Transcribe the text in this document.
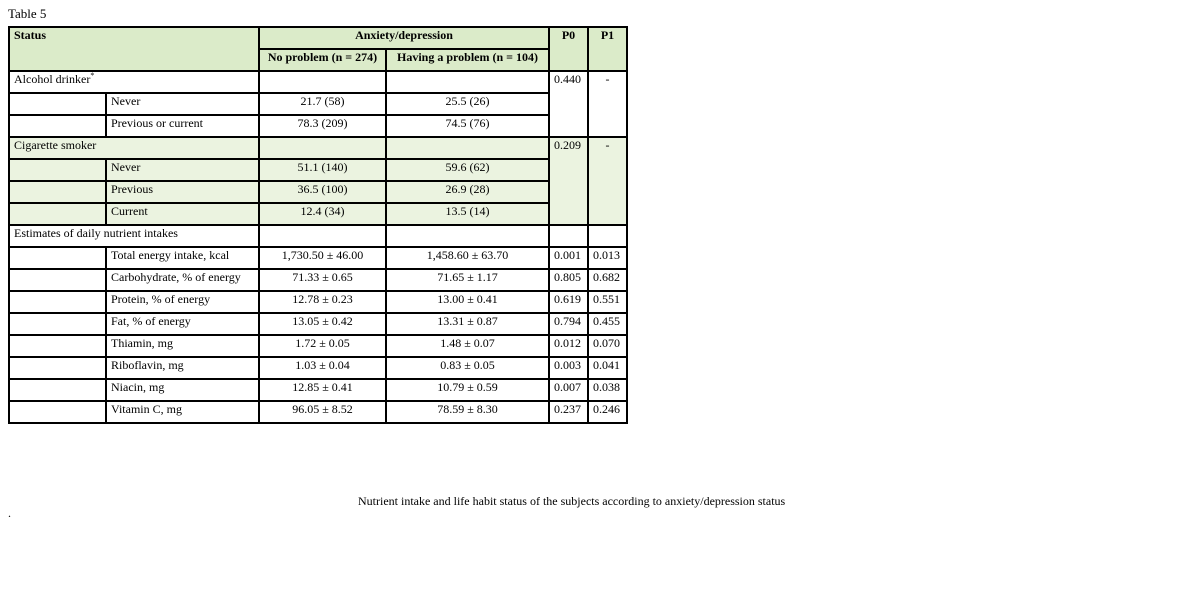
Table 5
Status		Anxiety/depression		P0	P1
		No problem (n = 274)	Having a problem (n = 104)		
Alcohol drinker*				0.440	-
	Never	21.7 (58)	25.5 (26)		
	Previous or current	78.3 (209)	74.5 (76)		
Cigarette smoker				0.209	-
	Never	51.1 (140)	59.6 (62)		
	Previous	36.5 (100)	26.9 (28)		
	Current	12.4 (34)	13.5 (14)		
Estimates of daily nutrient intakes					
	Total energy intake, kcal	1,730.50 ± 46.00	1,458.60 ± 63.70	0.001	0.013
	Carbohydrate, % of energy	71.33 ± 0.65	71.65 ± 1.17	0.805	0.682
	Protein, % of energy	12.78 ± 0.23	13.00 ± 0.41	0.619	0.551
	Fat, % of energy	13.05 ± 0.42	13.31 ± 0.87	0.794	0.455
	Thiamin, mg	1.72 ± 0.05	1.48 ± 0.07	0.012	0.070
	Riboflavin, mg	1.03 ± 0.04	0.83 ± 0.05	0.003	0.041
	Niacin, mg	12.85 ± 0.41	10.79 ± 0.59	0.007	0.038
	Vitamin C, mg	96.05 ± 8.52	78.59 ± 8.30	0.237	0.246
Nutrient intake and life habit status of the subjects according to anxiety/depression status
.
